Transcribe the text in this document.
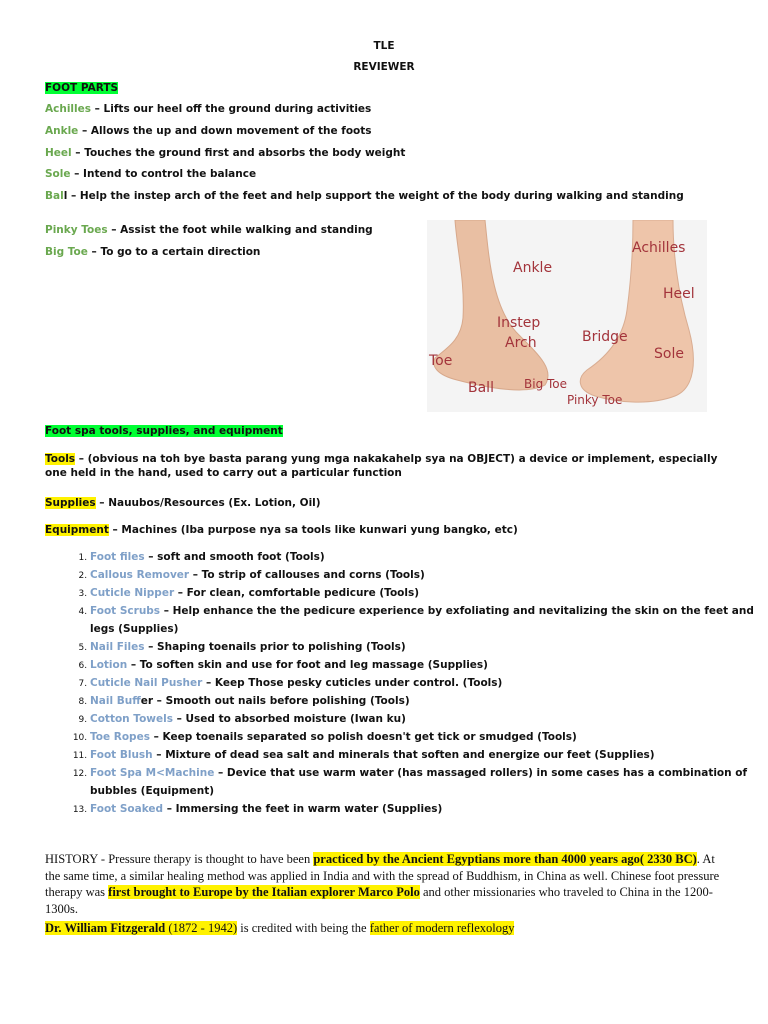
TLE
REVIEWER
FOOT PARTS
Achilles – Lifts our heel off the ground during activities
Ankle – Allows the up and down movement of the foots
Heel – Touches the ground first and absorbs the body weight
Sole – Intend to control the balance
Ball – Help the instep arch of the feet and help support the weight of the body during walking and standing
Pinky Toes – Assist the foot while walking and standing
Big Toe – To go to a certain direction	Achilles
Ankle
Heel
Instep
Arch	Bridge
Sole
Toe
Ball	Big Toe
Pinky Toe
Foot spa tools, supplies, and equipment
Tools – (obvious na toh bye basta parang yung mga nakakahelp sya na OBJECT) a device or implement, especially one held in the hand, used to carry out a particular function
Supplies – Nauubos/Resources (Ex. Lotion, Oil)
Equipment – Machines (Iba purpose nya sa tools like kunwari yung bangko, etc)
1. Foot files – soft and smooth foot (Tools)
2. Callous Remover – To strip of callouses and corns (Tools)
3. Cuticle Nipper – For clean, comfortable pedicure (Tools)
4. Foot Scrubs – Help enhance the the pedicure experience by exfoliating and nevitalizing the skin on the feet and legs (Supplies)
5. Nail Files – Shaping toenails prior to polishing (Tools)
6. Lotion – To soften skin and use for foot and leg massage (Supplies)
7. Cuticle Nail Pusher – Keep Those pesky cuticles under control. (Tools)
8. Nail Buffer – Smooth out nails before polishing (Tools)
9. Cotton Towels – Used to absorbed moisture (Iwan ku)
10. Toe Ropes – Keep toenails separated so polish doesn't get tick or smudged (Tools)
11. Foot Blush – Mixture of dead sea salt and minerals that soften and energize our feet (Supplies)
12. Foot Spa M<Machine – Device that use warm water (has massaged rollers) in some cases has a combination of bubbles (Equipment)
13. Foot Soaked – Immersing the feet in warm water (Supplies)
HISTORY - Pressure therapy is thought to have been practiced by the Ancient Egyptians more than 4000 years ago( 2330 BC). At the same time, a similar healing method was applied in India and with the spread of Buddhism, in China as well. Chinese foot pressure therapy was first brought to Europe by the Italian explorer Marco Polo and other missionaries who traveled to China in the 1200-1300s.
Dr. William Fitzgerald (1872 - 1942) is credited with being the father of modern reflexology
